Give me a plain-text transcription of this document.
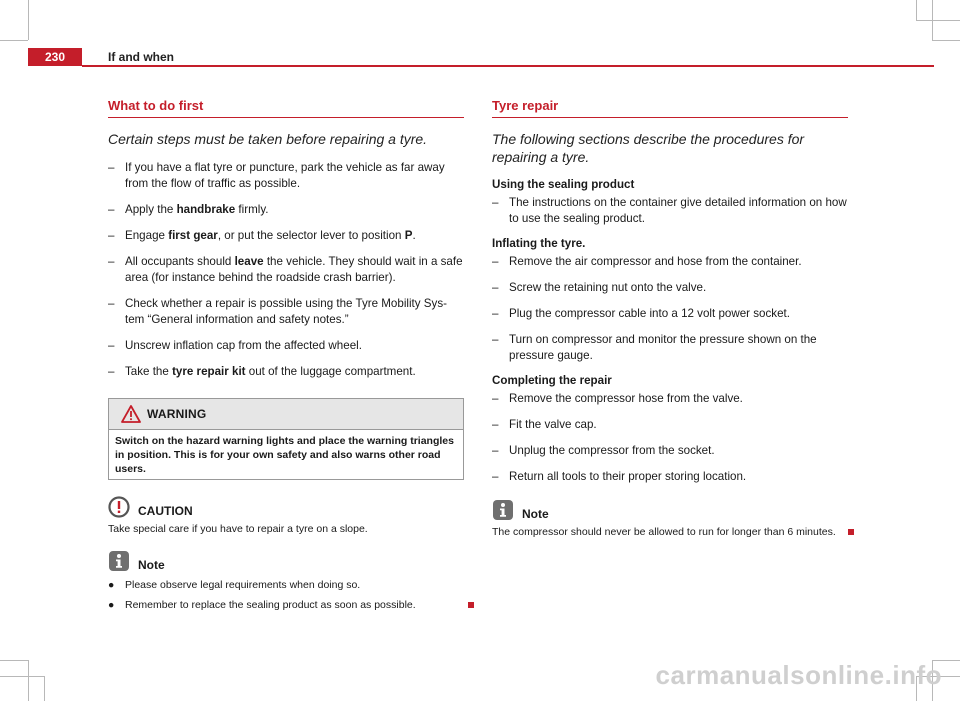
230	If and when
What to do first
Certain steps must be taken before repairing a tyre.
– If you have a flat tyre or puncture, park the vehicle as far away from the flow of traffic as possible.
– Apply the handbrake firmly.
– Engage first gear, or put the selector lever to position P.
– All occupants should leave the vehicle. They should wait in a safe area (for instance behind the roadside crash barrier).
– Check whether a repair is possible using the Tyre Mobility Sys-tem “General information and safety notes.”
– Unscrew inflation cap from the affected wheel.
– Take the tyre repair kit out of the luggage compartment.
WARNING
Switch on the hazard warning lights and place the warning triangles in position. This is for your own safety and also warns other road users.
CAUTION
Take special care if you have to repair a tyre on a slope.
Note
● Please observe legal requirements when doing so.
● Remember to replace the sealing product as soon as possible.
Tyre repair
The following sections describe the procedures for repairing a tyre.
Using the sealing product
– The instructions on the container give detailed information on how to use the sealing product.
Inflating the tyre.
– Remove the air compressor and hose from the container.
– Screw the retaining nut onto the valve.
– Plug the compressor cable into a 12 volt power socket.
– Turn on compressor and monitor the pressure shown on the pressure gauge.
Completing the repair
– Remove the compressor hose from the valve.
– Fit the valve cap.
– Unplug the compressor from the socket.
– Return all tools to their proper storing location.
Note
The compressor should never be allowed to run for longer than 6 minutes.
carmanualsonline.info
